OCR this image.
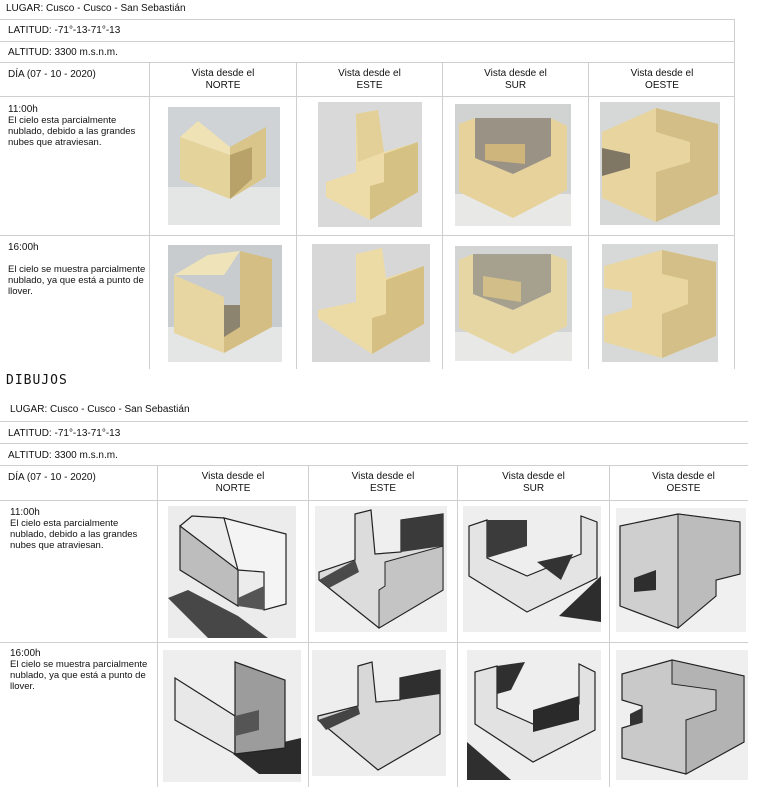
LUGAR: Cusco - Cusco - San Sebastián
LATITUD: -71°-13-71°-13
ALTITUD: 3300 m.s.n.m.
DÍA (07 - 10 - 2020)	Vista desde el
NORTE
Vista desde el
ESTE
Vista desde el
SUR
Vista desde el
OESTE
11:00h
El cielo esta parcialmente nublado, debido a las grandes nubes que atraviesan.
16:00h
El cielo se muestra parcialmente nublado, ya que está a punto de llover.
DIBUJOS
LUGAR: Cusco - Cusco - San Sebastián
LATITUD: -71°-13-71°-13
ALTITUD: 3300 m.s.n.m.
DÍA (07 - 10 - 2020)	Vista desde el
NORTE
Vista desde el
ESTE
Vista desde el
SUR
Vista desde el
OESTE
11:00h
El cielo esta parcialmente nublado, debido a las grandes nubes que atraviesan.
16:00h
El cielo se muestra parcialmente nublado, ya que está a punto de llover.
